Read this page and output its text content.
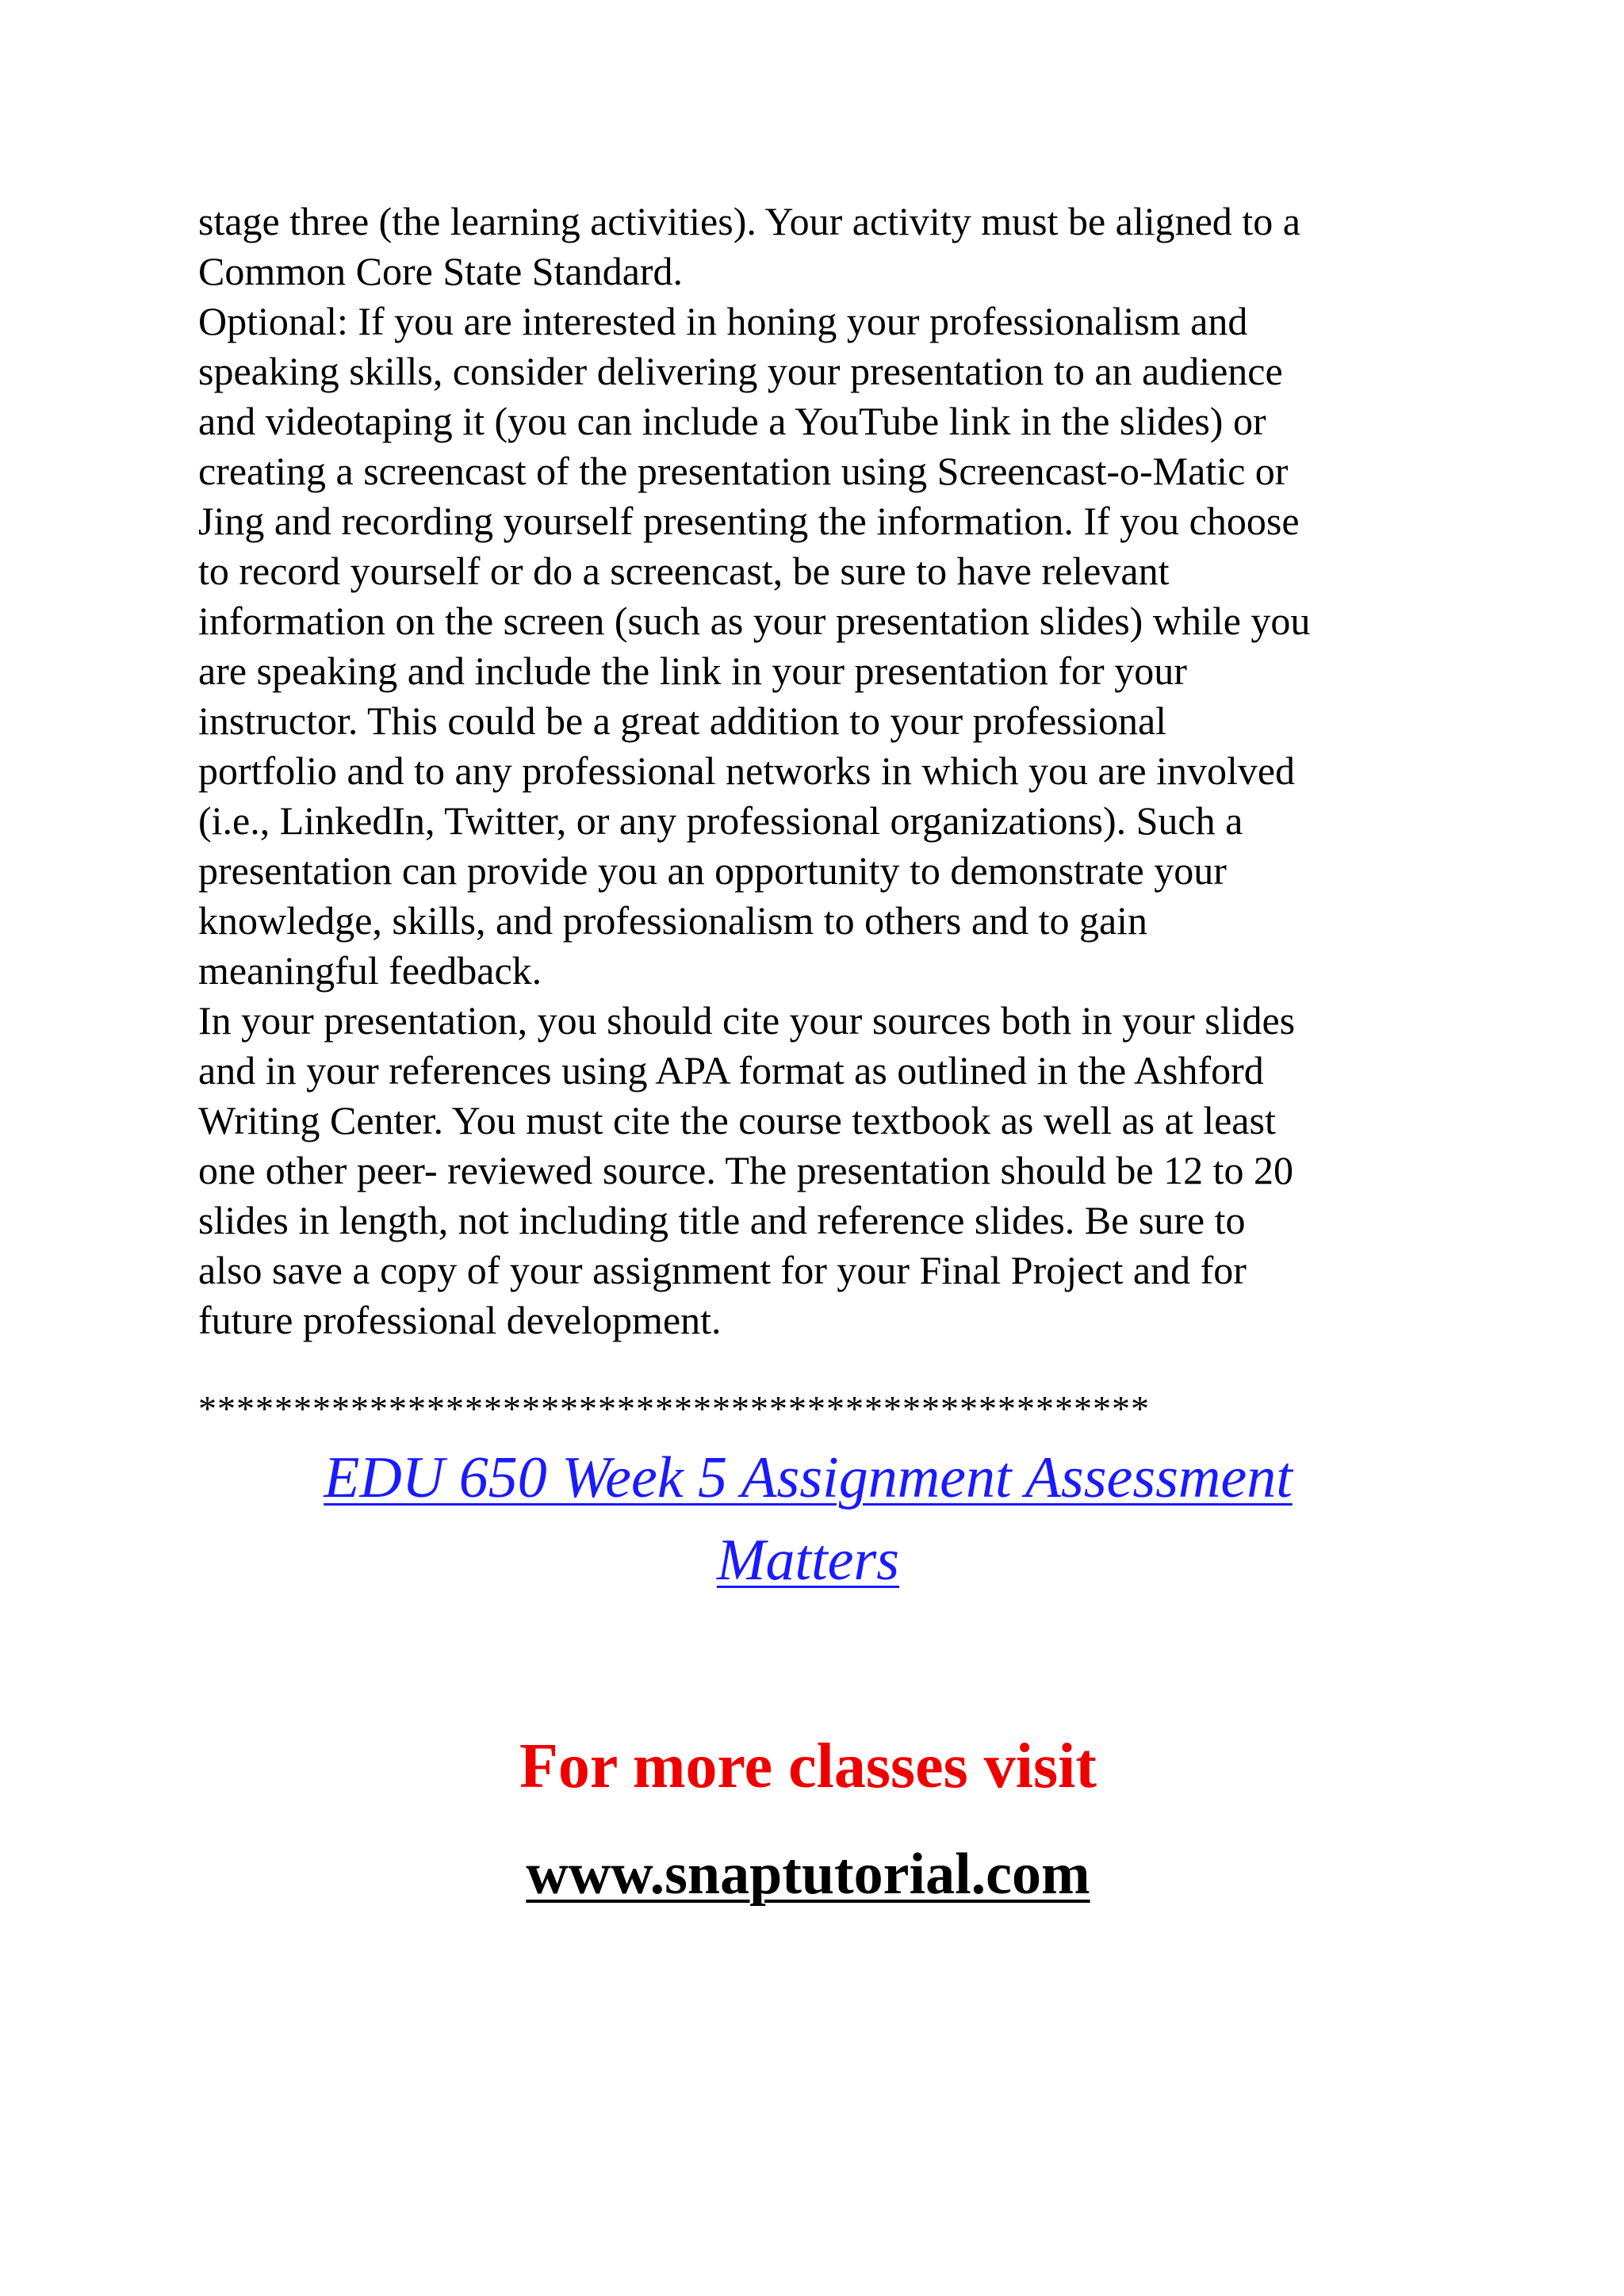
stage three (the learning activities). Your activity must be aligned to a
Common Core State Standard.

Optional: If you are interested in honing your professionalism and
speaking skills, consider delivering your presentation to an audience
and videotaping it (you can include a YouTube link in the slides) or
creating a screencast of the presentation using Screencast-o-Matic or
Jing and recording yourself presenting the information. If you choose
to record yourself or do a screencast, be sure to have relevant
information on the screen (such as your presentation slides) while you
are speaking and include the link in your presentation for your
instructor. This could be a great addition to your professional
portfolio and to any professional networks in which you are involved
(i.e., LinkedIn, Twitter, or any professional organizations). Such a
presentation can provide you an opportunity to demonstrate your
knowledge, skills, and professionalism to others and to gain
meaningful feedback.

In your presentation, you should cite your sources both in your slides
and in your references using APA format as outlined in the Ashford
Writing Center. You must cite the course textbook as well as at least
one other peer- reviewed source. The presentation should be 12 to 20
slides in length, not including title and reference slides. Be sure to
also save a copy of your assignment for your Final Project and for
future professional development.

**************************************************
EDU 650 Week 5 Assignment Assessment
Matters
For more classes visit
www.snaptutorial.com
